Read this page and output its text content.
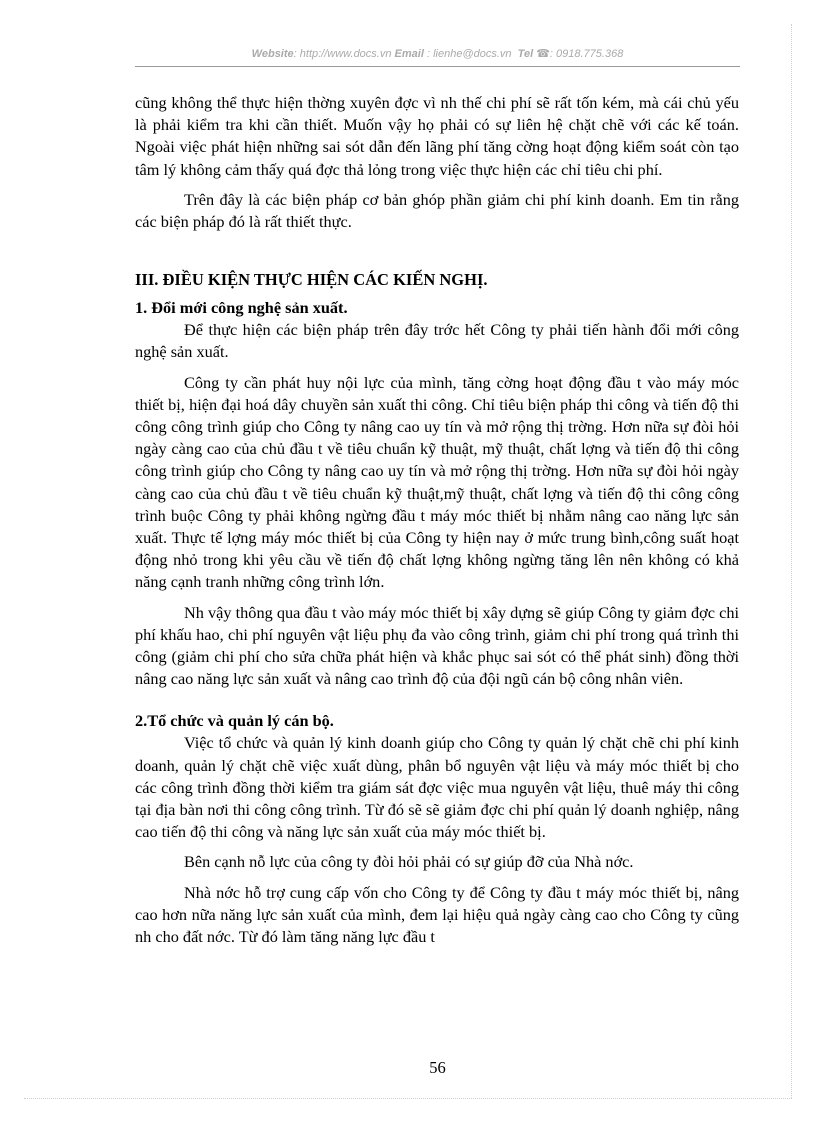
Website: http://www.docs.vn Email : lienhe@docs.vn Tel ☎: 0918.775.368

cũng không thể thực hiện thờng xuyên đợc vì nh thế chi phí sẽ rất tốn kém, mà cái chủ yếu là phải kiểm tra khi cần thiết. Muốn vậy họ phải có sự liên hệ chặt chẽ với các kế toán. Ngoài việc phát hiện những sai sót dẫn đến lãng phí tăng cờng hoạt động kiểm soát còn tạo tâm lý không cảm thấy quá đợc thả lỏng trong việc thực hiện các chỉ tiêu chi phí.

Trên đây là các biện pháp cơ bản ghóp phần giảm chi phí kinh doanh. Em tin rằng các biện pháp đó là rất thiết thực.

III. ĐIỀU KIỆN THỰC HIỆN CÁC KIẾN NGHỊ.
1. Đổi mới công nghệ sản xuất.

Để thực hiện các biện pháp trên đây trớc hết Công ty phải tiến hành đổi mới công nghệ sản xuất.

Công ty cần phát huy nội lực của mình, tăng cờng hoạt động đầu t vào máy móc thiết bị, hiện đại hoá dây chuyền sản xuất thi công. Chỉ tiêu biện pháp thi công và tiến độ thi công công trình giúp cho Công ty nâng cao uy tín và mở rộng thị trờng. Hơn nữa sự đòi hỏi ngày càng cao của chủ đầu t về tiêu chuẩn kỹ thuật, mỹ thuật, chất lợng và tiến độ thi công công trình giúp cho Công ty nâng cao uy tín và mở rộng thị trờng. Hơn nữa sự đòi hỏi ngày càng cao của chủ đầu t về tiêu chuẩn kỹ thuật,mỹ thuật, chất lợng và tiến độ thi công công trình buộc Công ty phải không ngừng đầu t máy móc thiết bị nhằm nâng cao năng lực sản xuất. Thực tế lợng máy móc thiết bị của Công ty hiện nay ở mức trung bình,công suất hoạt động nhỏ trong khi yêu cầu về tiến độ chất lợng không ngừng tăng lên nên không có khả năng cạnh tranh những công trình lớn.

Nh vậy thông qua đầu t vào máy móc thiết bị xây dựng sẽ giúp Công ty giảm đợc chi phí khấu hao, chi phí nguyên vật liệu phụ đa vào công trình, giảm chi phí trong quá trình thi công (giảm chi phí cho sửa chữa phát hiện và khắc phục sai sót có thể phát sinh) đồng thời nâng cao năng lực sản xuất và nâng cao trình độ của đội ngũ cán bộ công nhân viên.

2.Tổ chức và quản lý cán bộ.

Việc tổ chức và quản lý kinh doanh giúp cho Công ty quản lý chặt chẽ chi phí kinh doanh, quản lý chặt chẽ việc xuất dùng, phân bổ nguyên vật liệu và máy móc thiết bị cho các công trình đồng thời kiểm tra giám sát đợc việc mua nguyên vật liệu, thuê máy thi công tại địa bàn nơi thi công công trình. Từ đó sẽ sẽ giảm đợc chi phí quản lý doanh nghiệp, nâng cao tiến độ thi công và năng lực sản xuất của máy móc thiết bị.

Bên cạnh nỗ lực của công ty đòi hỏi phải có sự giúp đỡ của Nhà nớc.

Nhà nớc hỗ trợ cung cấp vốn cho Công ty để Công ty đầu t máy móc thiết bị, nâng cao hơn nữa năng lực sản xuất của mình, đem lại hiệu quả ngày càng cao cho Công ty cũng nh cho đất nớc. Từ đó làm tăng năng lực đầu t

56
